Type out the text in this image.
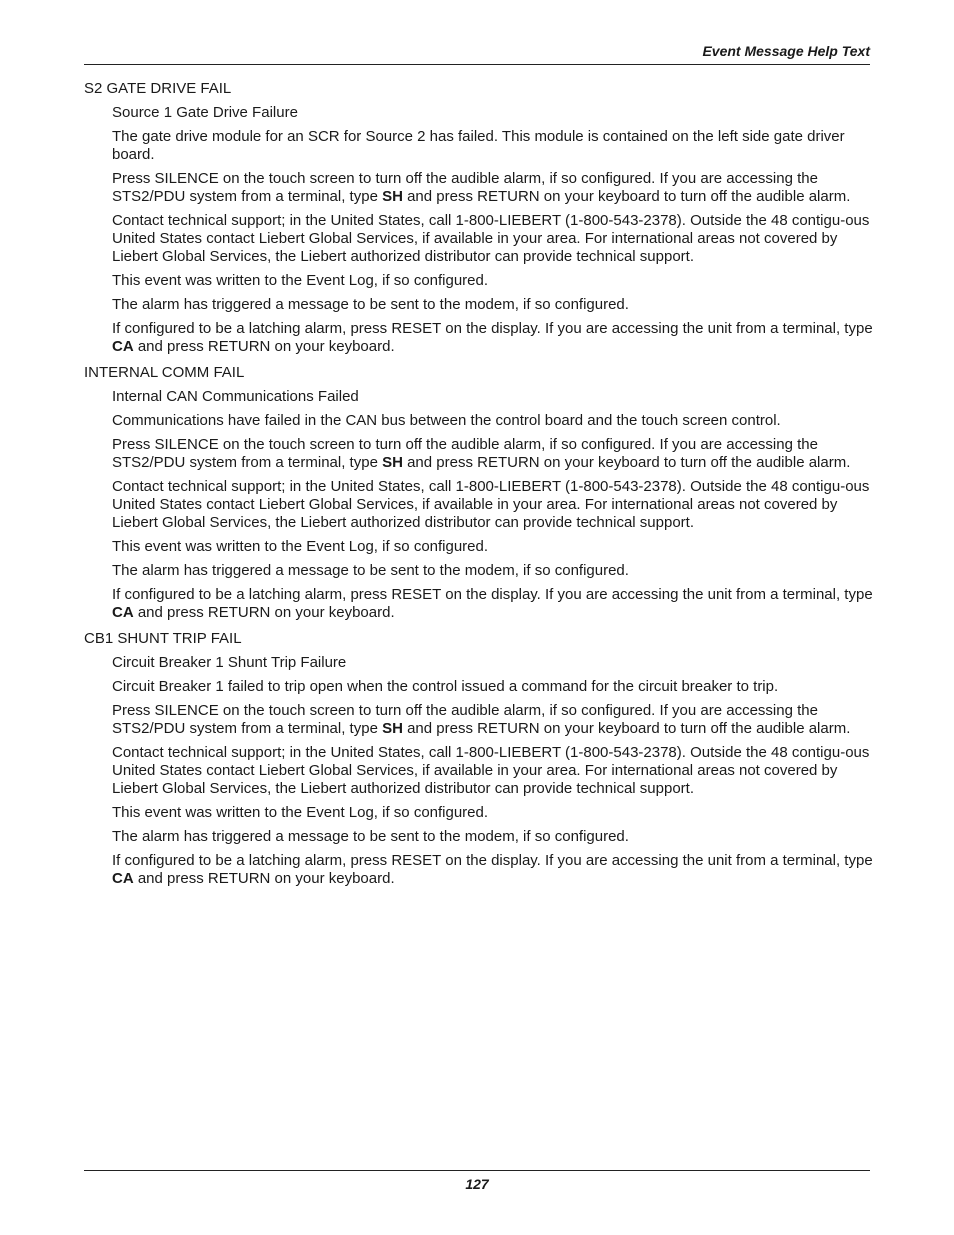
Event Message Help Text

S2 GATE DRIVE FAIL

Source 1 Gate Drive Failure

The gate drive module for an SCR for Source 2 has failed. This module is contained on the left side gate driver board.

Press SILENCE on the touch screen to turn off the audible alarm, if so configured. If you are accessing the STS2/PDU system from a terminal, type SH and press RETURN on your keyboard to turn off the audible alarm.

Contact technical support; in the United States, call 1-800-LIEBERT (1-800-543-2378). Outside the 48 contigu-ous United States contact Liebert Global Services, if available in your area. For international areas not covered by Liebert Global Services, the Liebert authorized distributor can provide technical support.

This event was written to the Event Log, if so configured.

The alarm has triggered a message to be sent to the modem, if so configured.

If configured to be a latching alarm, press RESET on the display. If you are accessing the unit from a terminal, type CA and press RETURN on your keyboard.

INTERNAL COMM FAIL

Internal CAN Communications Failed

Communications have failed in the CAN bus between the control board and the touch screen control.

Press SILENCE on the touch screen to turn off the audible alarm, if so configured. If you are accessing the STS2/PDU system from a terminal, type SH and press RETURN on your keyboard to turn off the audible alarm.

Contact technical support; in the United States, call 1-800-LIEBERT (1-800-543-2378). Outside the 48 contigu-ous United States contact Liebert Global Services, if available in your area. For international areas not covered by Liebert Global Services, the Liebert authorized distributor can provide technical support.

This event was written to the Event Log, if so configured.

The alarm has triggered a message to be sent to the modem, if so configured.

If configured to be a latching alarm, press RESET on the display. If you are accessing the unit from a terminal, type CA and press RETURN on your keyboard.

CB1 SHUNT TRIP FAIL

Circuit Breaker 1 Shunt Trip Failure

Circuit Breaker 1 failed to trip open when the control issued a command for the circuit breaker to trip.

Press SILENCE on the touch screen to turn off the audible alarm, if so configured. If you are accessing the STS2/PDU system from a terminal, type SH and press RETURN on your keyboard to turn off the audible alarm.

Contact technical support; in the United States, call 1-800-LIEBERT (1-800-543-2378). Outside the 48 contigu-ous United States contact Liebert Global Services, if available in your area. For international areas not covered by Liebert Global Services, the Liebert authorized distributor can provide technical support.

This event was written to the Event Log, if so configured.

The alarm has triggered a message to be sent to the modem, if so configured.

If configured to be a latching alarm, press RESET on the display. If you are accessing the unit from a terminal, type CA and press RETURN on your keyboard.

127
